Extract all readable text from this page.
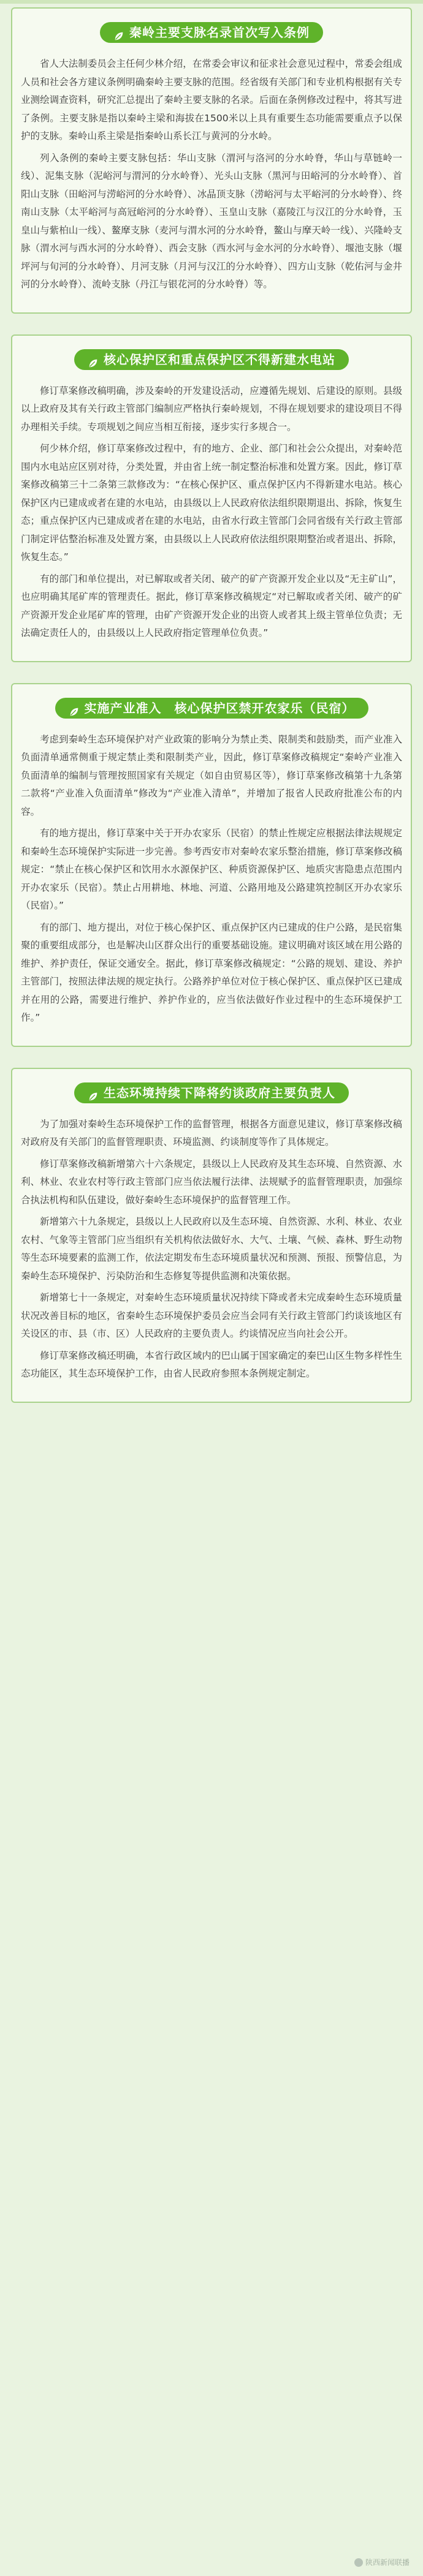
秦岭主要支脉名录首次写入条例

省人大法制委员会主任何少林介绍，在常委会审议和征求社会意见过程中，常委会组成人员和社会各方建议条例明确秦岭主要支脉的范围。经省级有关部门和专业机构根据有关专业测绘调查资料，研究汇总提出了秦岭主要支脉的名录。后面在条例修改过程中，将其写进了条例。主要支脉是指以秦岭主梁和海拔在1500米以上具有重要生态功能需要重点予以保护的支脉。秦岭山系主梁是指秦岭山系长江与黄河的分水岭。

列入条例的秦岭主要支脉包括：华山支脉（渭河与洛河的分水岭脊，华山与草链岭一线）、泥集支脉（泥峪河与渭河的分水岭脊）、光头山支脉（黑河与田峪河的分水岭脊）、首阳山支脉（田峪河与涝峪河的分水岭脊）、冰晶顶支脉（涝峪河与太平峪河的分水岭脊）、终南山支脉（太平峪河与高冠峪河的分水岭脊）、玉皇山支脉（嘉陵江与汉江的分水岭脊，玉皇山与紫柏山一线）、鳌摩支脉（麦河与渭水河的分水岭脊，鳌山与摩天岭一线）、兴隆岭支脉（渭水河与西水河的分水岭脊）、西会支脉（西水河与金水河的分水岭脊）、堰池支脉（堰坪河与旬河的分水岭脊）、月河支脉（月河与汉江的分水岭脊）、四方山支脉（乾佑河与金井河的分水岭脊）、流岭支脉（丹江与银花河的分水岭脊）等。

核心保护区和重点保护区不得新建水电站

修订草案修改稿明确，涉及秦岭的开发建设活动，应遵循先规划、后建设的原则。县级以上政府及其有关行政主管部门编制应严格执行秦岭规划，不得在规划要求的建设项目不得办理相关手续。专项规划之间应当相互衔接，逐步实行多规合一。

何少林介绍，修订草案修改过程中，有的地方、企业、部门和社会公众提出，对秦岭范围内水电站应区别对待，分类处置，并由省上统一制定整治标准和处置方案。因此，修订草案修改稿第三十二条第三款修改为：“在核心保护区、重点保护区内不得新建水电站。核心保护区内已建成或者在建的水电站，由县级以上人民政府依法组织限期退出、拆除，恢复生态；重点保护区内已建成或者在建的水电站，由省水行政主管部门会同省级有关行政主管部门制定评估整治标准及处置方案，由县级以上人民政府依法组织限期整治或者退出、拆除，恢复生态。”

有的部门和单位提出，对已解取或者关闭、破产的矿产资源开发企业以及“无主矿山”，也应明确其尾矿库的管理责任。据此，修订草案修改稿规定“对已解取或者关闭、破产的矿产资源开发企业尾矿库的管理，由矿产资源开发企业的出资人或者其上级主管单位负责；无法确定责任人的，由县级以上人民政府指定管理单位负责。”

实施产业准入　核心保护区禁开农家乐（民宿）

考虑到秦岭生态环境保护对产业政策的影响分为禁止类、限制类和鼓励类，而产业准入负面清单通常侧重于规定禁止类和限制类产业，因此，修订草案修改稿规定“秦岭产业准入负面清单的编制与管理按照国家有关规定（如自由贸易区等），修订草案修改稿第十九条第二款将“产业准入负面清单”修改为“产业准入清单”，并增加了报省人民政府批准公布的内容。

有的地方提出，修订草案中关于开办农家乐（民宿）的禁止性规定应根据法律法规规定和秦岭生态环境保护实际进一步完善。参考西安市对秦岭农家乐整治措施，修订草案修改稿规定：“禁止在核心保护区和饮用水水源保护区、种质资源保护区、地质灾害隐患点范围内开办农家乐（民宿）。禁止占用耕地、林地、河道、公路用地及公路建筑控制区开办农家乐（民宿）。”

有的部门、地方提出，对位于核心保护区、重点保护区内已建成的住户公路，是民宿集聚的重要组成部分，也是解决山区群众出行的重要基础设施。建议明确对该区域在用公路的维护、养护责任，保证交通安全。据此，修订草案修改稿规定：“公路的规划、建设、养护主管部门，按照法律法规的规定执行。公路养护单位对位于核心保护区、重点保护区已建成并在用的公路，需要进行维护、养护作业的，应当依法做好作业过程中的生态环境保护工作。”

生态环境持续下降将约谈政府主要负责人

为了加强对秦岭生态环境保护工作的监督管理，根据各方面意见建议，修订草案修改稿对政府及有关部门的监督管理职责、环境监测、约谈制度等作了具体规定。

修订草案修改稿新增第六十六条规定，县级以上人民政府及其生态环境、自然资源、水利、林业、农业农村等行政主管部门应当依法履行法律、法规赋予的监督管理职责，加强综合执法机构和队伍建设，做好秦岭生态环境保护的监督管理工作。

新增第六十九条规定，县级以上人民政府以及生态环境、自然资源、水利、林业、农业农村、气象等主管部门应当组织有关机构依法做好水、大气、土壤、气候、森林、野生动物等生态环境要素的监测工作，依法定期发布生态环境质量状况和预测、预报、预警信息，为秦岭生态环境保护、污染防治和生态修复等提供监测和决策依据。

新增第七十一条规定，对秦岭生态环境质量状况持续下降或者未完成秦岭生态环境质量状况改善目标的地区，省秦岭生态环境保护委员会应当会同有关行政主管部门约谈该地区有关设区的市、县（市、区）人民政府的主要负责人。约谈情况应当向社会公开。

修订草案修改稿还明确，本省行政区域内的巴山属于国家确定的秦巴山区生物多样性生态功能区，其生态环境保护工作，由省人民政府参照本条例规定制定。

陕西新闻联播
